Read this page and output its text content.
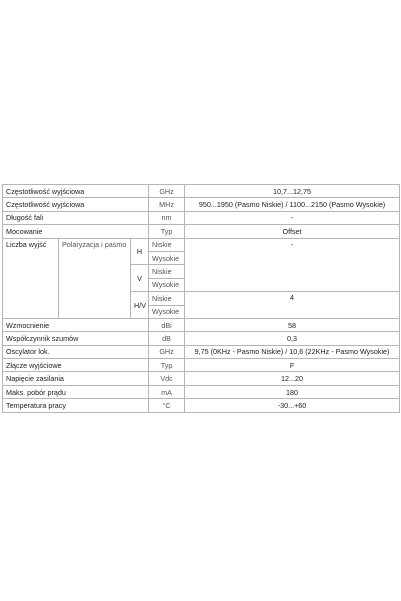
Częstotliwość wyjściowa			GHz	10,7...12,75
Częstotliwość wyjściowa			MHz	950...1950 (Pasmo Niskie) / 1100...2150 (Pasmo Wysokie)
Długość fali			nm	-
Mocowanie			Typ	Offset
Liczba wyjść	Polaryzacja i pasmo	H	Niskie	-
			Wysokie	
		V	Niskie	
			Wysokie	
		H/V	Niskie	4
			Wysokie	
Wzmocnienie			dBi	58
Współczynnik szumów			dB	0,3
Oscylator lok.			GHz	9,75 (0KHz - Pasmo Niskie) / 10,6 (22KHz - Pasmo Wysokie)
Złącze wyjściowe			Typ	F
Napięcie zasilania			Vdc	12...20
Maks. pobór prądu			mA	180
Temperatura pracy			°C	-30...+60
